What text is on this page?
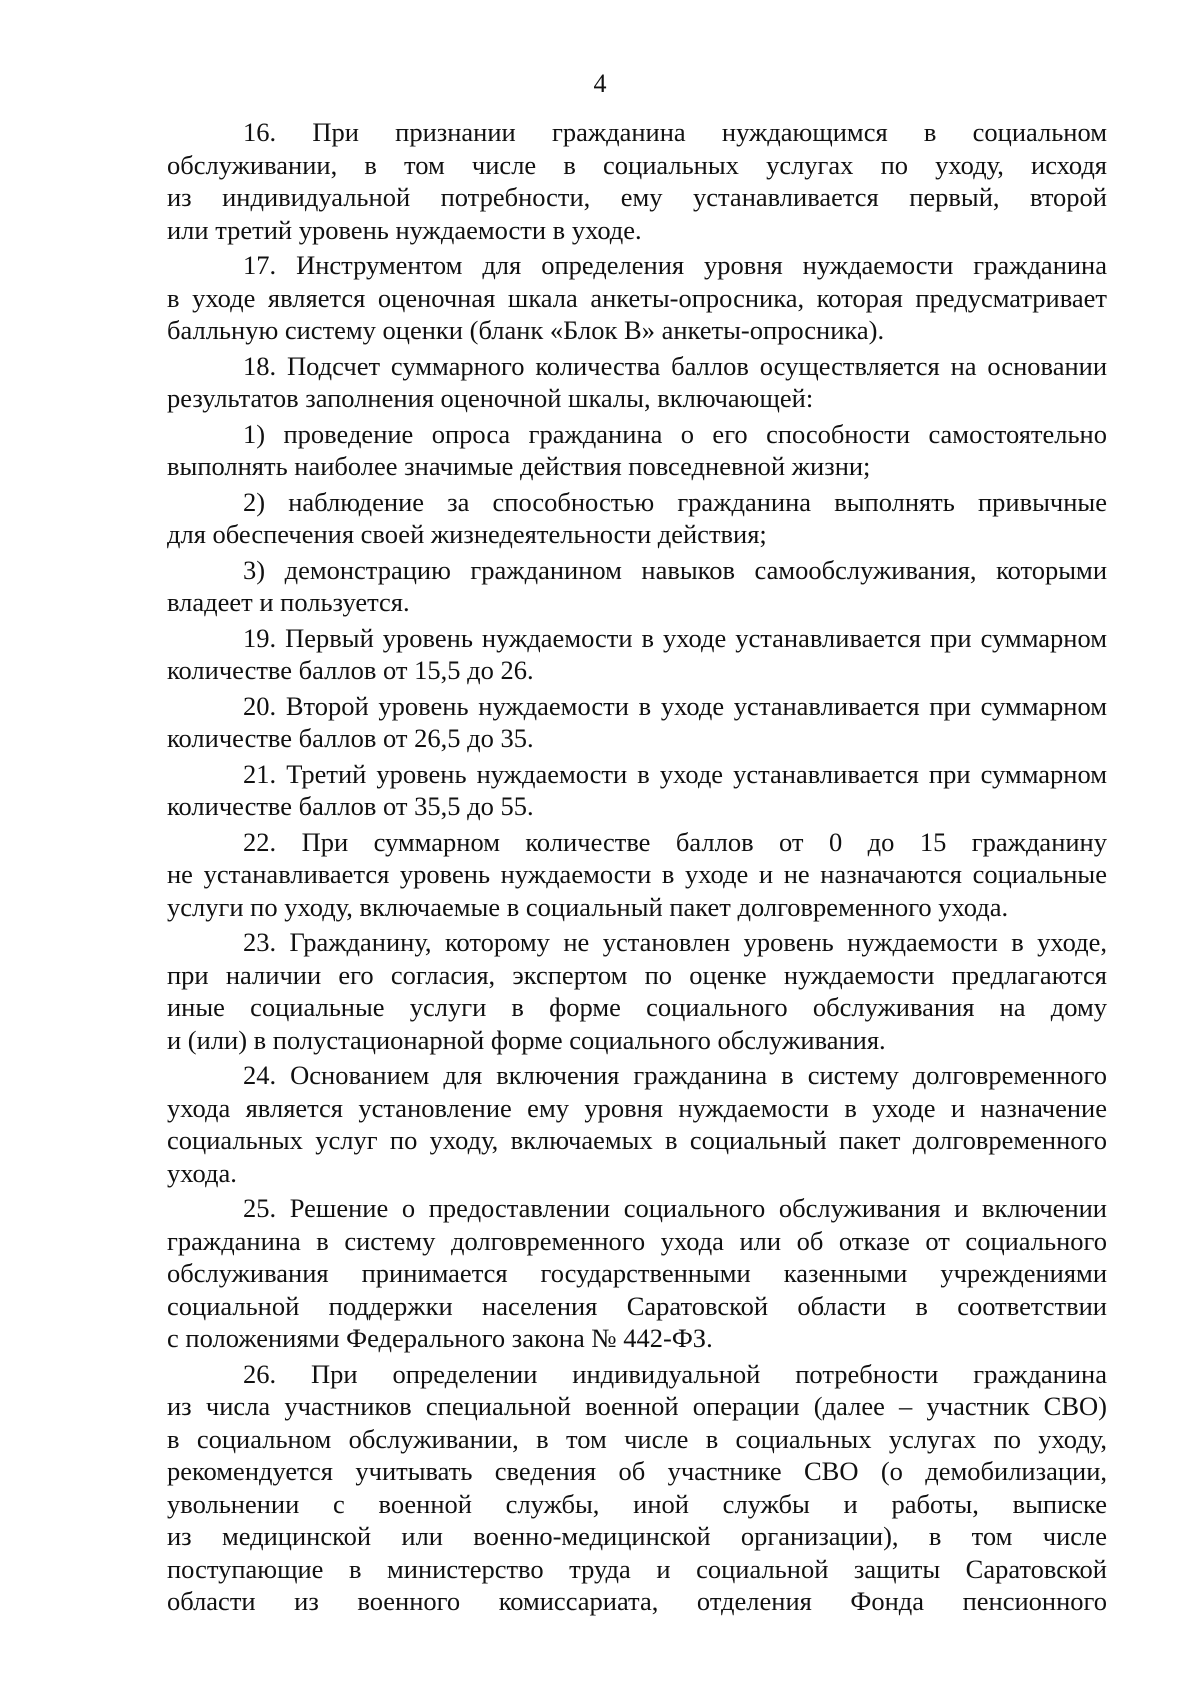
4

16. При признании гражданина нуждающимся в социальном
обслуживании, в том числе в социальных услугах по уходу, исходя
из индивидуальной потребности, ему устанавливается первый, второй
или третий уровень нуждаемости в уходе.

17. Инструментом для определения уровня нуждаемости гражданина
в уходе является оценочная шкала анкеты-опросника, которая предусматривает
балльную систему оценки (бланк «Блок В» анкеты-опросника).

18. Подсчет суммарного количества баллов осуществляется на основании
результатов заполнения оценочной шкалы, включающей:

1) проведение опроса гражданина о его способности самостоятельно
выполнять наиболее значимые действия повседневной жизни;

2) наблюдение за способностью гражданина выполнять привычные
для обеспечения своей жизнедеятельности действия;

3) демонстрацию гражданином навыков самообслуживания, которыми
владеет и пользуется.

19. Первый уровень нуждаемости в уходе устанавливается при суммарном
количестве баллов от 15,5 до 26.

20. Второй уровень нуждаемости в уходе устанавливается при суммарном
количестве баллов от 26,5 до 35.

21. Третий уровень нуждаемости в уходе устанавливается при суммарном
количестве баллов от 35,5 до 55.

22. При суммарном количестве баллов от 0 до 15 гражданину
не устанавливается уровень нуждаемости в уходе и не назначаются социальные
услуги по уходу, включаемые в социальный пакет долговременного ухода.

23. Гражданину, которому не установлен уровень нуждаемости в уходе,
при наличии его согласия, экспертом по оценке нуждаемости предлагаются
иные социальные услуги в форме социального обслуживания на дому
и (или) в полустационарной форме социального обслуживания.

24. Основанием для включения гражданина в систему долговременного
ухода является установление ему уровня нуждаемости в уходе и назначение
социальных услуг по уходу, включаемых в социальный пакет долговременного
ухода.

25. Решение о предоставлении социального обслуживания и включении
гражданина в систему долговременного ухода или об отказе от социального
обслуживания принимается государственными казенными учреждениями
социальной поддержки населения Саратовской области в соответствии
с положениями Федерального закона № 442-ФЗ.

26. При определении индивидуальной потребности гражданина
из числа участников специальной военной операции (далее – участник СВО)
в социальном обслуживании, в том числе в социальных услугах по уходу,
рекомендуется учитывать сведения об участнике СВО (о демобилизации,
увольнении с военной службы, иной службы и работы, выписке
из медицинской или военно-медицинской организации), в том числе
поступающие в министерство труда и социальной защиты Саратовской
области из военного комиссариата, отделения Фонда пенсионного
